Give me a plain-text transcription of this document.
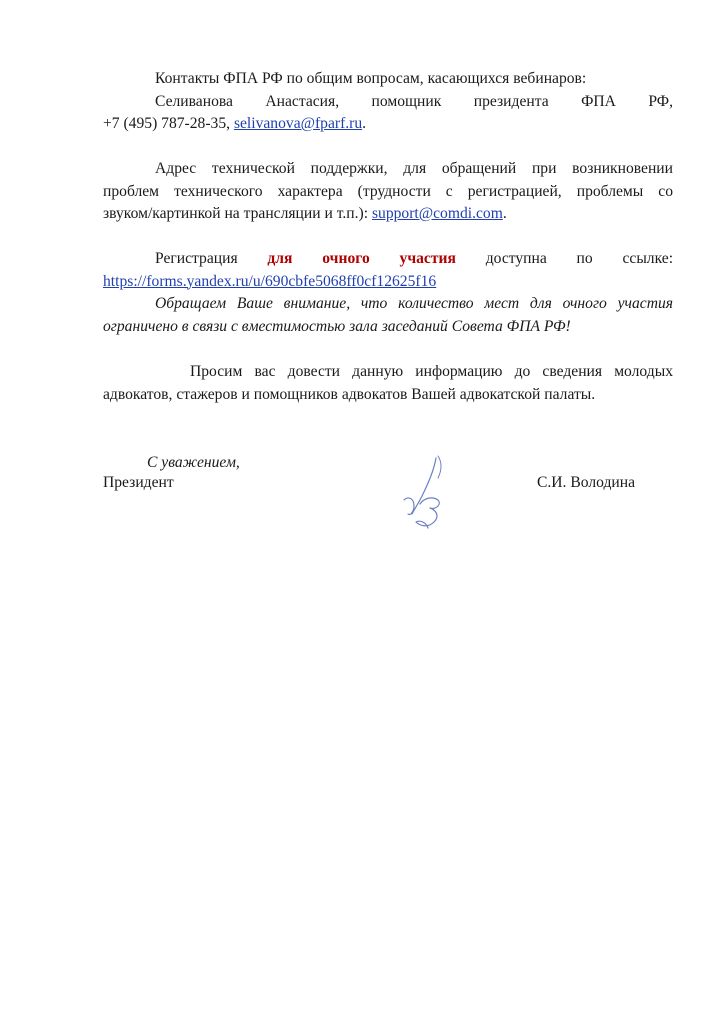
Контакты ФПА РФ по общим вопросам, касающихся вебинаров:
Селиванова Анастасия, помощник президента ФПА РФ,
+7 (495) 787-28-35, selivanova@fparf.ru.
Адрес технической поддержки, для обращений при возникновении
проблем технического характера (трудности с регистрацией, проблемы со
звуком/картинкой на трансляции и т.п.): support@comdi.com.
Регистрация для очного участия доступна по ссылке:
https://forms.yandex.ru/u/690cbfe5068ff0cf12625f16
Обращаем Ваше внимание, что количество мест для очного участия
ограничено в связи с вместимостью зала заседаний Совета ФПА РФ!
Просим вас довести данную информацию до сведения молодых
адвокатов, стажеров и помощников адвокатов Вашей адвокатской палаты.
С уважением,
Президент	С.И. Володина
